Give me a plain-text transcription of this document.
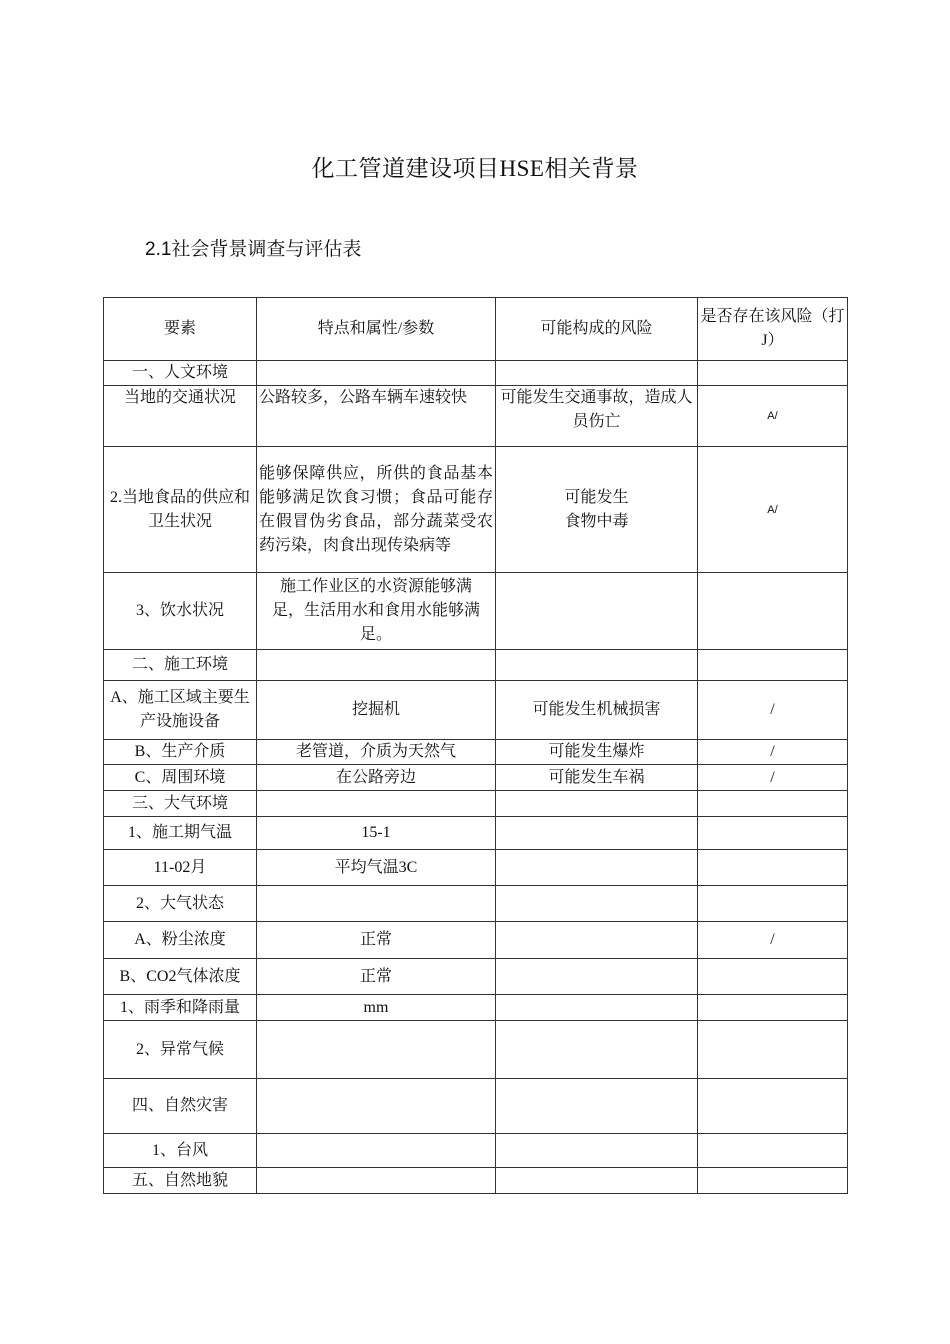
化工管道建设项目HSE相关背景
2.1社会背景调查与评估表
要素	特点和属性/参数	可能构成的风险	是否存在该风险（打J）
一、人文环境			
当地的交通状况	公路较多，公路车辆车速较快	可能发生交通事故，造成人员伤亡	A/
2.当地食品的供应和卫生状况	能够保障供应，所供的食品基本能够满足饮食习惯；食品可能存在假冒伪劣食品，部分蔬菜受农药污染，肉食出现传染病等	可能发生食物中毒	A/
3、饮水状况	施工作业区的水资源能够满足，生活用水和食用水能够满足。		
二、施工环境			
A、施工区域主要生产设施设备	挖掘机	可能发生机械损害	/
B、生产介质	老管道，介质为天然气	可能发生爆炸	/
C、周围环境	在公路旁边	可能发生车祸	/
三、大气环境			
1、施工期气温	15-1		
11-02月	平均气温3C		
2、大气状态			
A、粉尘浓度	正常		/
B、CO2气体浓度	正常		
1、雨季和降雨量	mm		
2、异常气候			
四、自然灾害			
1、台风			
五、自然地貌			
